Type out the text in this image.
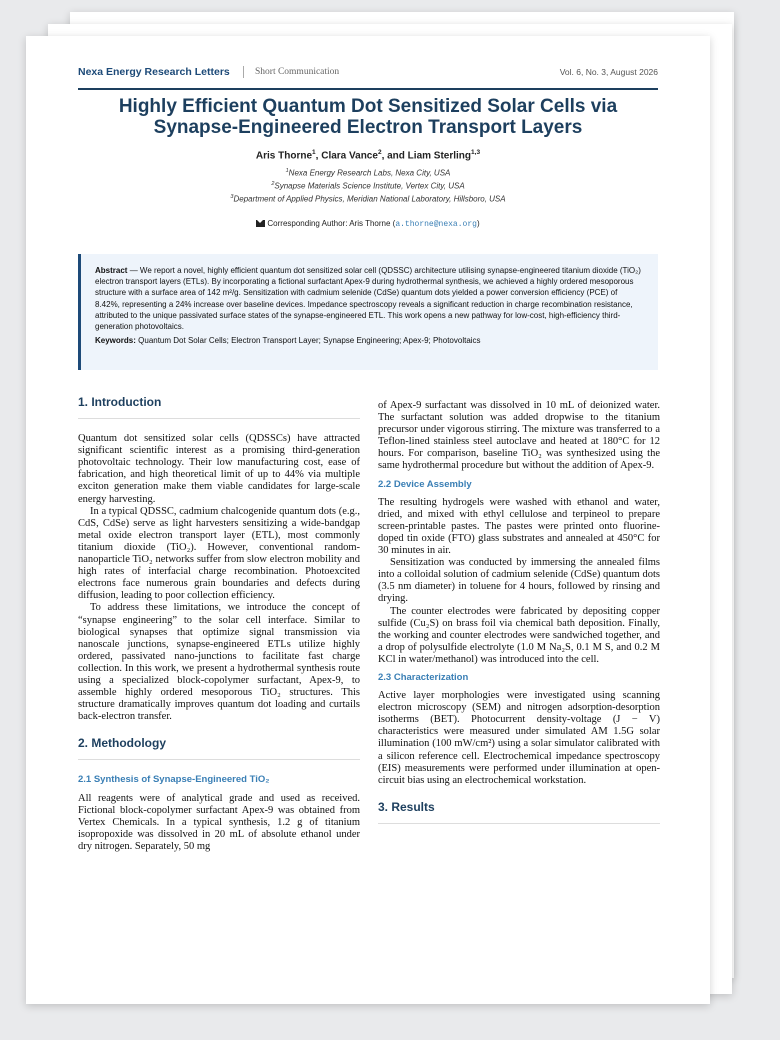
Nexa Energy Research Letters	Short Communication	Vol. 6, No. 3, August 2026
Highly Efficient Quantum Dot Sensitized Solar Cells via
Synapse-Engineered Electron Transport Layers
Aris Thorne$^1$, Clara Vance$^2$, and Liam Sterling$^{1,3}$
$^1$Nexa Energy Research Labs, Nexa City, USA
$^2$Synapse Materials Science Institute, Vertex City, USA
$^3$Department of Applied Physics, Meridian National Laboratory, Hillsboro, USA
Corresponding Author: Aris Thorne (a.thorne@nexa.org)
Abstract — We report a novel, highly efficient quantum dot sensitized solar cell (QDSSC) architecture utilising synapse-engineered titanium dioxide (TiO₂) electron transport layers (ETLs). By incorporating a fictional surfactant Apex-9 during hydrothermal synthesis, we achieved a highly ordered mesoporous structure with a surface area of 142 m²/g. Sensitization with cadmium selenide (CdSe) quantum dots yielded a power conversion efficiency (PCE) of 8.42%, representing a 24% increase over baseline devices. Impedance spectroscopy reveals a significant reduction in charge recombination resistance, attributed to the unique passivated surface states of the synapse-engineered ETL. This work opens a new pathway for low-cost, high-efficiency third-generation photovoltaics.
Keywords: Quantum Dot Solar Cells; Electron Transport Layer; Synapse Engineering; Apex-9; Photovoltaics
1. Introduction

Quantum dot sensitized solar cells (QDSSCs) have attracted significant scientific interest as a promising third-generation photovoltaic technology. Their low manufacturing cost, ease of fabrication, and high theoretical limit of up to 44% via multiple exciton generation make them viable candidates for large-scale energy harvesting.

In a typical QDSSC, cadmium chalcogenide quantum dots (e.g., CdS, CdSe) serve as light harvesters sensitizing a wide-bandgap metal oxide electron transport layer (ETL), most commonly titanium dioxide (TiO₂). However, conventional random-nanoparticle TiO₂ networks suffer from slow electron mobility and high rates of interfacial charge recombination. Photoexcited electrons face numerous grain boundaries and defects during diffusion, leading to poor collection efficiency.

To address these limitations, we introduce the concept of “synapse engineering” to the solar cell interface. Similar to biological synapses that optimize signal transmission via nanoscale junctions, synapse-engineered ETLs utilize highly ordered, passivated nano-junctions to facilitate fast charge collection. In this work, we present a hydrothermal synthesis route using a specialized block-copolymer surfactant, Apex-9, to assemble highly ordered mesoporous TiO₂ structures. This structure dramatically improves quantum dot loading and curtails back-electron transfer.

2. Methodology
2.1 Synthesis of Synapse-Engineered TiO₂

All reagents were of analytical grade and used as received. Fictional block-copolymer surfactant Apex-9 was obtained from Vertex Chemicals. In a typical synthesis, 1.2 g of titanium isopropoxide was dissolved in 20 mL of absolute ethanol under dry nitrogen. Separately, 50 mg

of Apex-9 surfactant was dissolved in 10 mL of deionized water. The surfactant solution was added dropwise to the titanium precursor under vigorous stirring. The mixture was transferred to a Teflon-lined stainless steel autoclave and heated at 180°C for 12 hours. For comparison, baseline TiO₂ was synthesized using the same hydrothermal procedure but without the addition of Apex-9.

2.2 Device Assembly

The resulting hydrogels were washed with ethanol and water, dried, and mixed with ethyl cellulose and terpineol to prepare screen-printable pastes. The pastes were printed onto fluorine-doped tin oxide (FTO) glass substrates and annealed at 450°C for 30 minutes in air.

Sensitization was conducted by immersing the annealed films into a colloidal solution of cadmium selenide (CdSe) quantum dots (3.5 nm diameter) in toluene for 4 hours, followed by rinsing and drying.

The counter electrodes were fabricated by depositing copper sulfide (Cu₂S) on brass foil via chemical bath deposition. Finally, the working and counter electrodes were sandwiched together, and a drop of polysulfide electrolyte (1.0 M Na₂S, 0.1 M S, and 0.2 M KCl in water/methanol) was introduced into the cell.

2.3 Characterization

Active layer morphologies were investigated using scanning electron microscopy (SEM) and nitrogen adsorption-desorption isotherms (BET). Photocurrent density-voltage (J − V) characteristics were measured under simulated AM 1.5G solar illumination (100 mW/cm²) using a solar simulator calibrated with a silicon reference cell. Electrochemical impedance spectroscopy (EIS) measurements were performed under illumination at open-circuit bias using an electrochemical workstation.

3. Results
